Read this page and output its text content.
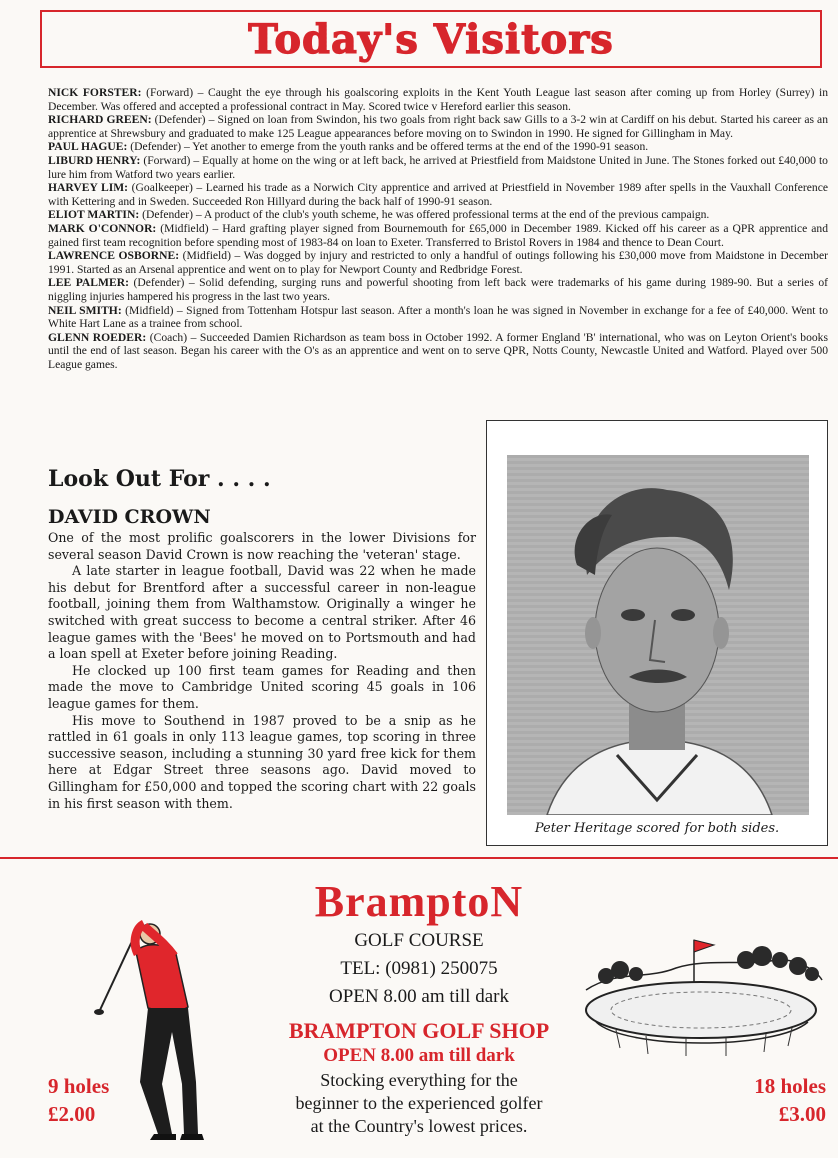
Today's Visitors

NICK FORSTER: (Forward) – Caught the eye through his goalscoring exploits in the Kent Youth League last season after coming up from Horley (Surrey) in December. Was offered and accepted a professional contract in May. Scored twice v Hereford earlier this season.

RICHARD GREEN: (Defender) – Signed on loan from Swindon, his two goals from right back saw Gills to a 3-2 win at Cardiff on his debut. Started his career as an apprentice at Shrewsbury and graduated to make 125 League appearances before moving on to Swindon in 1990. He signed for Gillingham in May.

PAUL HAGUE: (Defender) – Yet another to emerge from the youth ranks and be offered terms at the end of the 1990-91 season.

LIBURD HENRY: (Forward) – Equally at home on the wing or at left back, he arrived at Priestfield from Maidstone United in June. The Stones forked out £40,000 to lure him from Watford two years earlier.

HARVEY LIM: (Goalkeeper) – Learned his trade as a Norwich City apprentice and arrived at Priestfield in November 1989 after spells in the Vauxhall Conference with Kettering and in Sweden. Succeeded Ron Hillyard during the back half of 1990-91 season.

ELIOT MARTIN: (Defender) – A product of the club's youth scheme, he was offered professional terms at the end of the previous campaign.

MARK O'CONNOR: (Midfield) – Hard grafting player signed from Bournemouth for £65,000 in December 1989. Kicked off his career as a QPR apprentice and gained first team recognition before spending most of 1983-84 on loan to Exeter. Transferred to Bristol Rovers in 1984 and thence to Dean Court.

LAWRENCE OSBORNE: (Midfield) – Was dogged by injury and restricted to only a handful of outings following his £30,000 move from Maidstone in December 1991. Started as an Arsenal apprentice and went on to play for Newport County and Redbridge Forest.

LEE PALMER: (Defender) – Solid defending, surging runs and powerful shooting from left back were trademarks of his game during 1989-90. But a series of niggling injuries hampered his progress in the last two years.

NEIL SMITH: (Midfield) – Signed from Tottenham Hotspur last season. After a month's loan he was signed in November in exchange for a fee of £40,000. Went to White Hart Lane as a trainee from school.

GLENN ROEDER: (Coach) – Succeeded Damien Richardson as team boss in October 1992. A former England 'B' international, who was on Leyton Orient's books until the end of last season. Began his career with the O's as an apprentice and went on to serve QPR, Notts County, Newcastle United and Watford. Played over 500 League games.

Look Out For . . . .
DAVID CROWN

One of the most prolific goalscorers in the lower Divisions for several season David Crown is now reaching the 'veteran' stage.

A late starter in league football, David was 22 when he made his debut for Brentford after a successful career in non-league football, joining them from Walthamstow. Originally a winger he switched with great success to become a central striker. After 46 league games with the 'Bees' he moved on to Portsmouth and had a loan spell at Exeter before joining Reading.

He clocked up 100 first team games for Reading and then made the move to Cambridge United scoring 45 goals in 106 league games for them.

His move to Southend in 1987 proved to be a snip as he rattled in 61 goals in only 113 league games, top scoring in three successive season, including a stunning 30 yard free kick for them here at Edgar Street three seasons ago. David moved to Gillingham for £50,000 and topped the scoring chart with 22 goals in his first season with them.

Peter Heritage scored for both sides.
BramptoN
GOLF COURSE
TEL: (0981) 250075
OPEN 8.00 am till dark
BRAMPTON GOLF SHOP
OPEN 8.00 am till dark
Stocking everything for the
beginner to the experienced golfer
at the Country's lowest prices.
9 holes
£2.00
18 holes
£3.00
